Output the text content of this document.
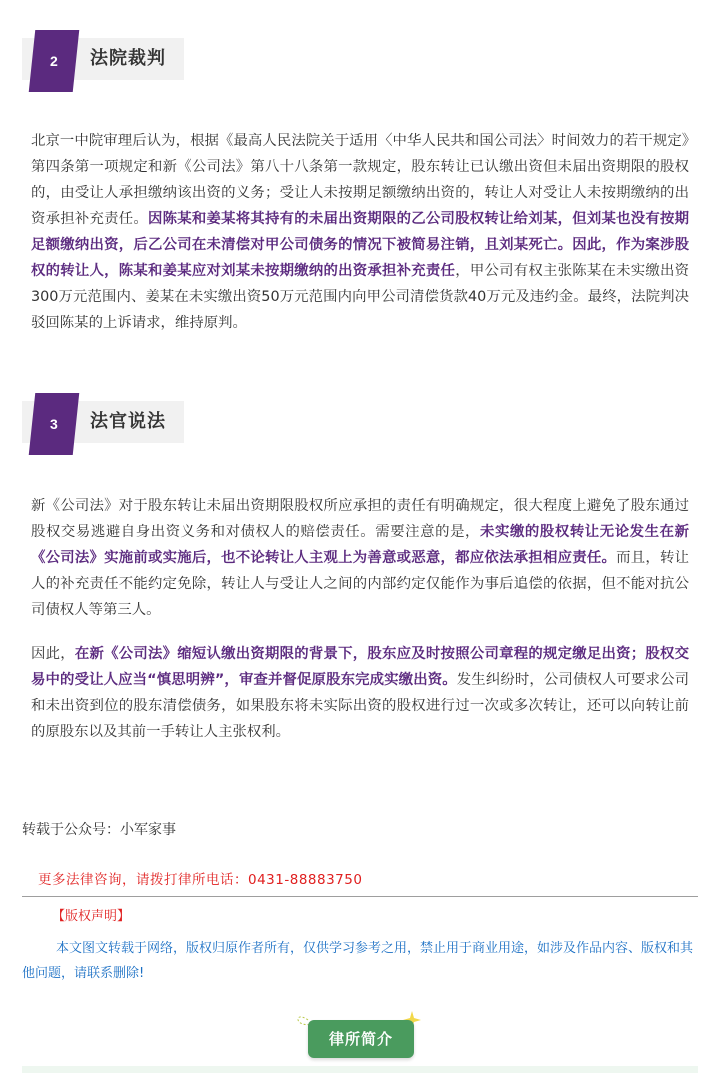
2 法院裁判

北京一中院审理后认为，根据《最高人民法院关于适用〈中华人民共和国公司法〉时间效力的若干规定》第四条第一项规定和新《公司法》第八十八条第一款规定，股东转让已认缴出资但未届出资期限的股权的，由受让人承担缴纳该出资的义务；受让人未按期足额缴纳出资的，转让人对受让人未按期缴纳的出资承担补充责任。因陈某和姜某将其持有的未届出资期限的乙公司股权转让给刘某，但刘某也没有按期足额缴纳出资，后乙公司在未清偿对甲公司债务的情况下被简易注销，且刘某死亡。因此，作为案涉股权的转让人，陈某和姜某应对刘某未按期缴纳的出资承担补充责任，甲公司有权主张陈某在未实缴出资300万元范围内、姜某在未实缴出资50万元范围内向甲公司清偿货款40万元及违约金。最终，法院判决驳回陈某的上诉请求，维持原判。

3 法官说法

新《公司法》对于股东转让未届出资期限股权所应承担的责任有明确规定，很大程度上避免了股东通过股权交易逃避自身出资义务和对债权人的赔偿责任。需要注意的是，未实缴的股权转让无论发生在新《公司法》实施前或实施后，也不论转让人主观上为善意或恶意，都应依法承担相应责任。而且，转让人的补充责任不能约定免除，转让人与受让人之间的内部约定仅能作为事后追偿的依据，但不能对抗公司债权人等第三人。

因此，在新《公司法》缩短认缴出资期限的背景下，股东应及时按照公司章程的规定缴足出资；股权交易中的受让人应当“慎思明辨”，审查并督促原股东完成实缴出资。发生纠纷时，公司债权人可要求公司和未出资到位的股东清偿债务，如果股东将未实际出资的股权进行过一次或多次转让，还可以向转让前的原股东以及其前一手转让人主张权利。

转载于公众号：小军家事
更多法律咨询，请拨打律所电话：0431-88883750
【版权声明】
本文图文转载于网络，版权归原作者所有，仅供学习参考之用，禁止用于商业用途，如涉及作品内容、版权和其他问题，请联系删除!
律所简介
